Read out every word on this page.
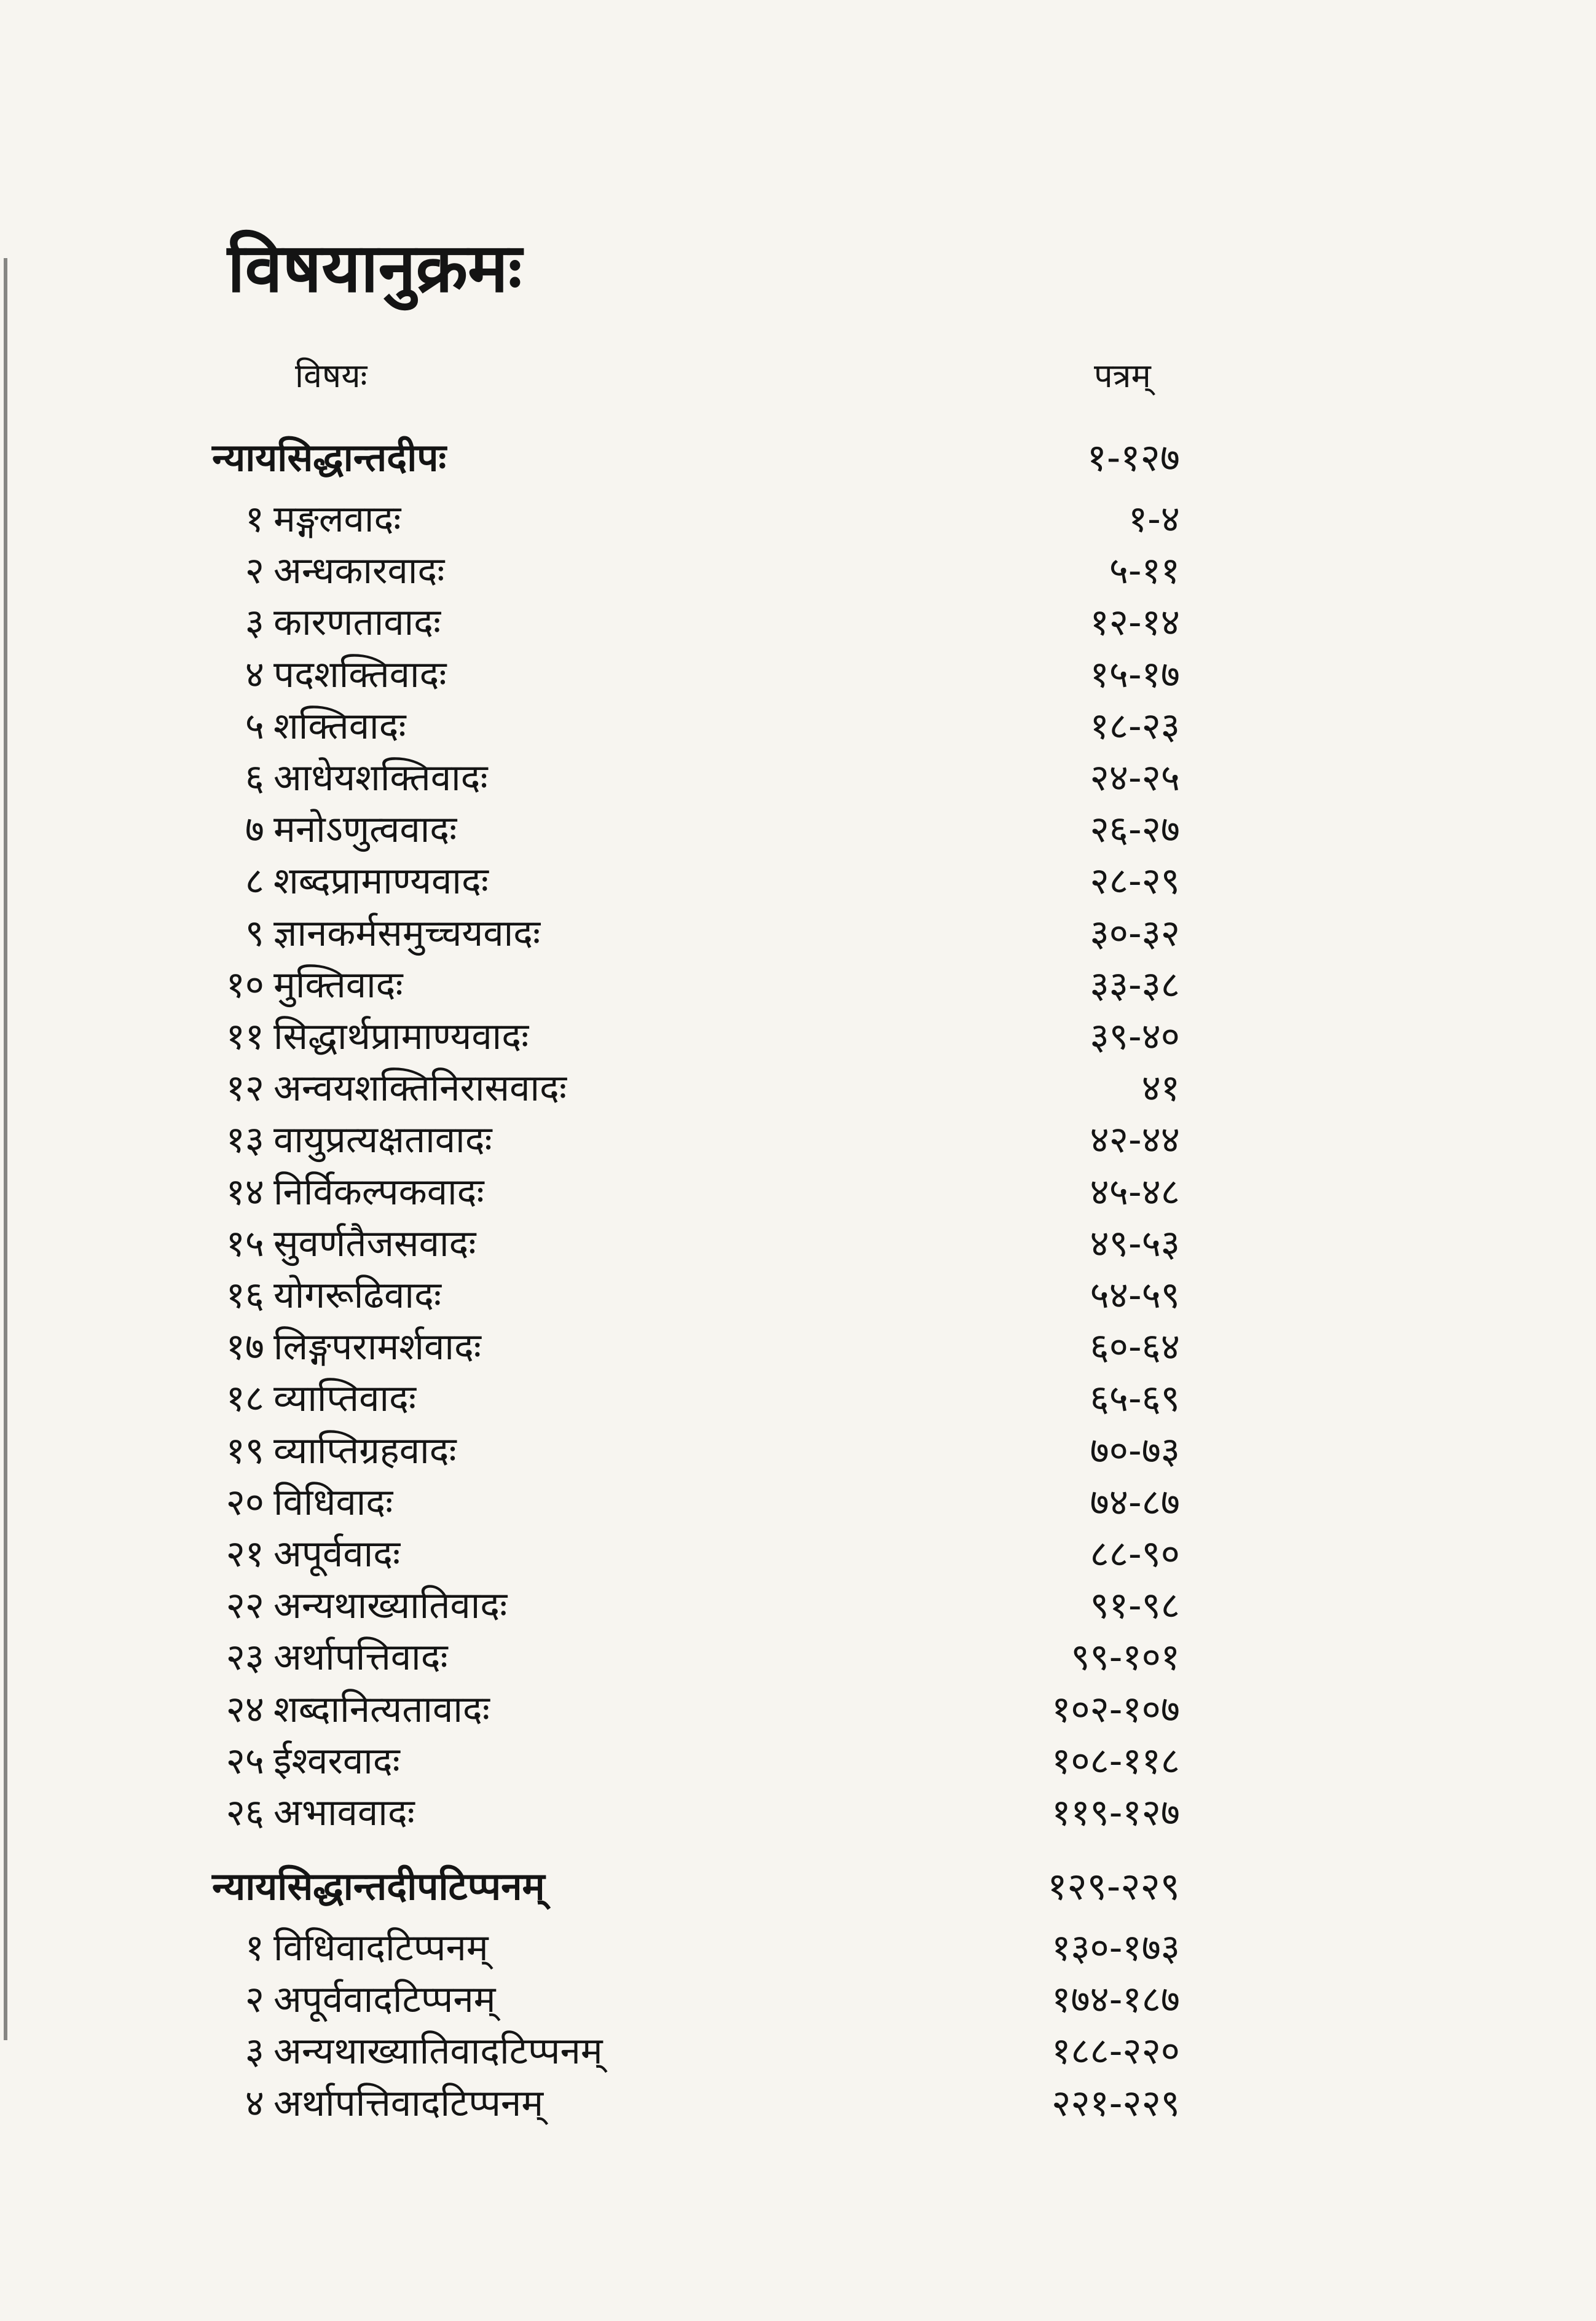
विषयानुक्रमः
विषयः	पत्रम्
न्यायसिद्धान्तदीपः	१-१२७
१ मङ्गलवादः	१-४
२ अन्धकारवादः	५-११
३ कारणतावादः	१२-१४
४ पदशक्तिवादः	१५-१७
५ शक्तिवादः	१८-२३
६ आधेयशक्तिवादः	२४-२५
७ मनोऽणुत्ववादः	२६-२७
८ शब्दप्रामाण्यवादः	२८-२९
९ ज्ञानकर्मसमुच्चयवादः	३०-३२
१० मुक्तिवादः	३३-३८
११ सिद्धार्थप्रामाण्यवादः	३९-४०
१२ अन्वयशक्तिनिरासवादः	४१
१३ वायुप्रत्यक्षतावादः	४२-४४
१४ निर्विकल्पकवादः	४५-४८
१५ सुवर्णतैजसवादः	४९-५३
१६ योगरूढिवादः	५४-५९
१७ लिङ्गपरामर्शवादः	६०-६४
१८ व्याप्तिवादः	६५-६९
१९ व्याप्तिग्रहवादः	७०-७३
२० विधिवादः	७४-८७
२१ अपूर्ववादः	८८-९०
२२ अन्यथाख्यातिवादः	९१-९८
२३ अर्थापत्तिवादः	९९-१०१
२४ शब्दानित्यतावादः	१०२-१०७
२५ ईश्वरवादः	१०८-११८
२६ अभाववादः	११९-१२७
न्यायसिद्धान्तदीपटिप्पनम्	१२९-२२९
१ विधिवादटिप्पनम्	१३०-१७३
२ अपूर्ववादटिप्पनम्	१७४-१८७
३ अन्यथाख्यातिवादटिप्पनम्	१८८-२२०
४ अर्थापत्तिवादटिप्पनम्	२२१-२२९
